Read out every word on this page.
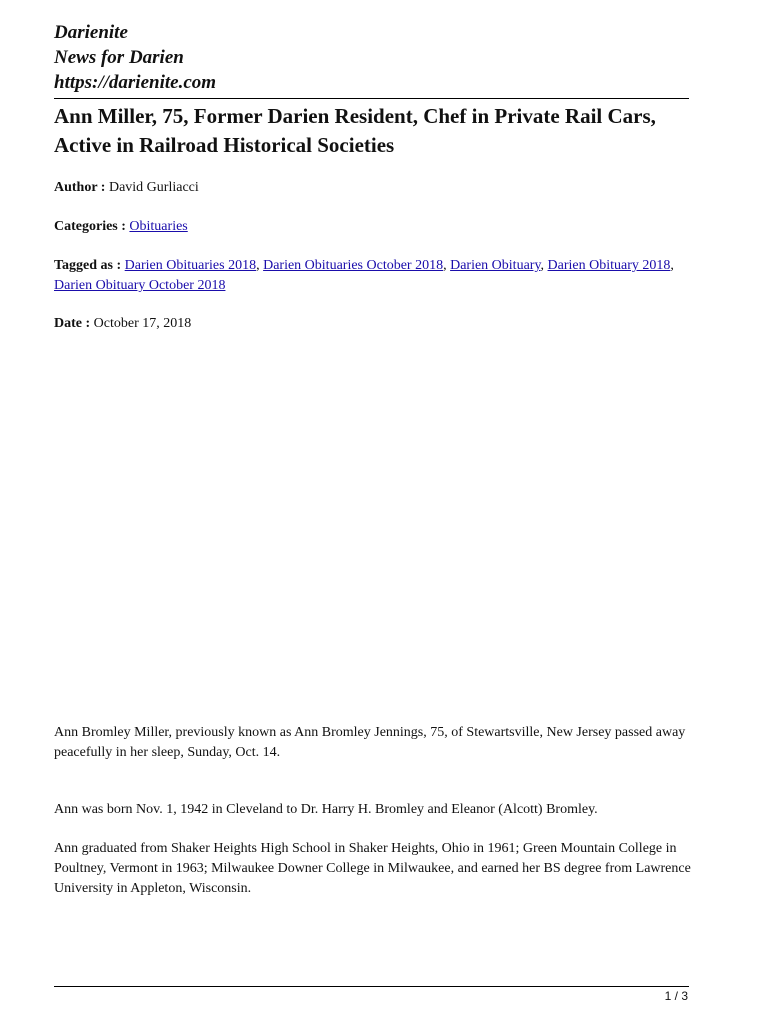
Darienite
News for Darien
https://darienite.com
Ann Miller, 75, Former Darien Resident, Chef in Private Rail Cars, Active in Railroad Historical Societies
Author : David Gurliacci
Categories : Obituaries
Tagged as : Darien Obituaries 2018, Darien Obituaries October 2018, Darien Obituary, Darien Obituary 2018, Darien Obituary October 2018
Date : October 17, 2018

Ann Bromley Miller, previously known as Ann Bromley Jennings, 75, of Stewartsville, New Jersey passed away peacefully in her sleep, Sunday, Oct. 14.

Ann was born Nov. 1, 1942 in Cleveland to Dr. Harry H. Bromley and Eleanor (Alcott) Bromley.

Ann graduated from Shaker Heights High School in Shaker Heights, Ohio in 1961; Green Mountain College in Poultney, Vermont in 1963; Milwaukee Downer College in Milwaukee, and earned her BS degree from Lawrence University in Appleton, Wisconsin.

1 / 3
